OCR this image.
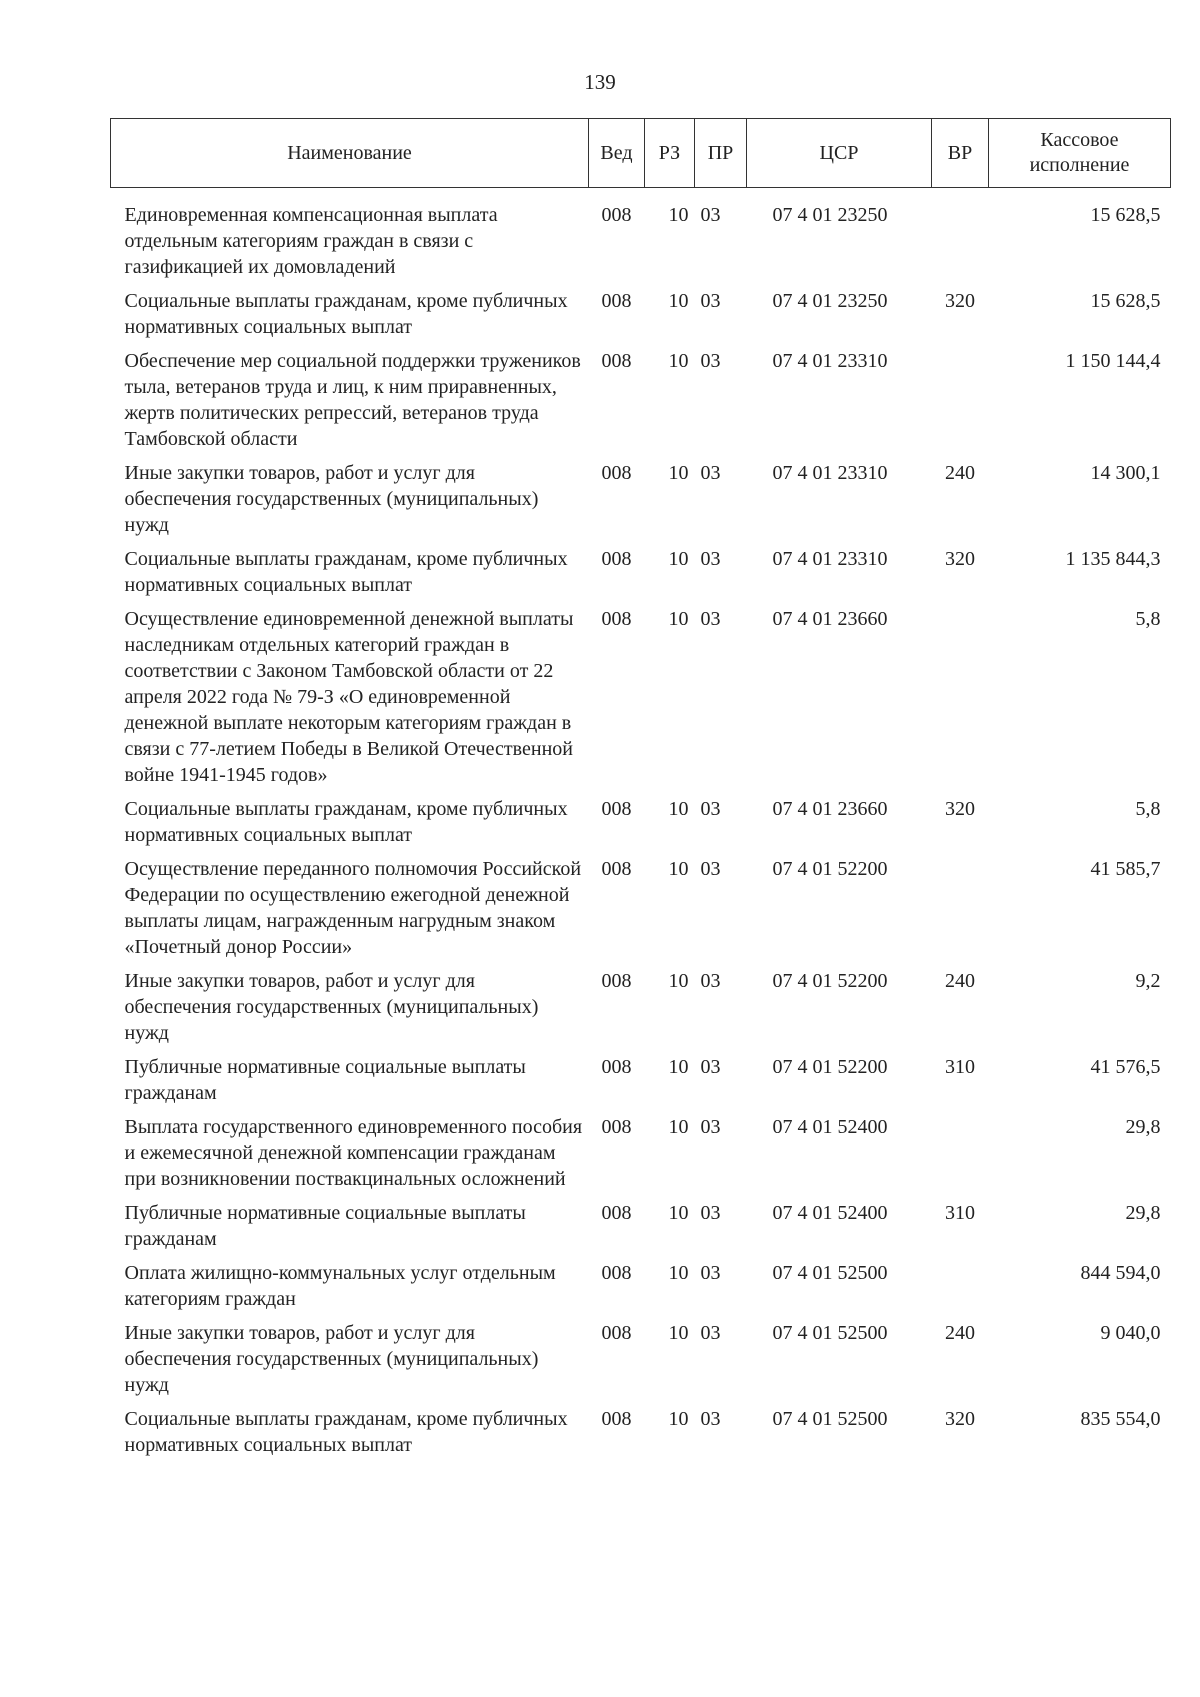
139
Наименование	Вед	РЗ	ПР	ЦСР	ВР	Кассовое исполнение
Единовременная компенсационная выплата отдельным категориям граждан в связи с газификацией их домовладений	008	10	03	07 4 01 23250		15 628,5
Социальные выплаты гражданам, кроме публичных нормативных социальных выплат	008	10	03	07 4 01 23250	320	15 628,5
Обеспечение мер социальной поддержки тружеников тыла, ветеранов труда и лиц, к ним приравненных, жертв политических репрессий, ветеранов труда Тамбовской области	008	10	03	07 4 01 23310		1 150 144,4
Иные закупки товаров, работ и услуг для обеспечения государственных (муниципальных) нужд	008	10	03	07 4 01 23310	240	14 300,1
Социальные выплаты гражданам, кроме публичных нормативных социальных выплат	008	10	03	07 4 01 23310	320	1 135 844,3
Осуществление единовременной денежной выплаты наследникам отдельных категорий граждан в соответствии с Законом Тамбовской области от 22 апреля 2022 года № 79-З «О единовременной денежной выплате некоторым категориям граждан в связи с 77-летием Победы в Великой Отечественной войне 1941-1945 годов»	008	10	03	07 4 01 23660		5,8
Социальные выплаты гражданам, кроме публичных нормативных социальных выплат	008	10	03	07 4 01 23660	320	5,8
Осуществление переданного полномочия Российской Федерации по осуществлению ежегодной денежной выплаты лицам, награжденным нагрудным знаком «Почетный донор России»	008	10	03	07 4 01 52200		41 585,7
Иные закупки товаров, работ и услуг для обеспечения государственных (муниципальных) нужд	008	10	03	07 4 01 52200	240	9,2
Публичные нормативные социальные выплаты гражданам	008	10	03	07 4 01 52200	310	41 576,5
Выплата государственного единовременного пособия и ежемесячной денежной компенсации гражданам при возникновении поствакцинальных осложнений	008	10	03	07 4 01 52400		29,8
Публичные нормативные социальные выплаты гражданам	008	10	03	07 4 01 52400	310	29,8
Оплата жилищно-коммунальных услуг отдельным категориям граждан	008	10	03	07 4 01 52500		844 594,0
Иные закупки товаров, работ и услуг для обеспечения государственных (муниципальных) нужд	008	10	03	07 4 01 52500	240	9 040,0
Социальные выплаты гражданам, кроме публичных нормативных социальных выплат	008	10	03	07 4 01 52500	320	835 554,0
